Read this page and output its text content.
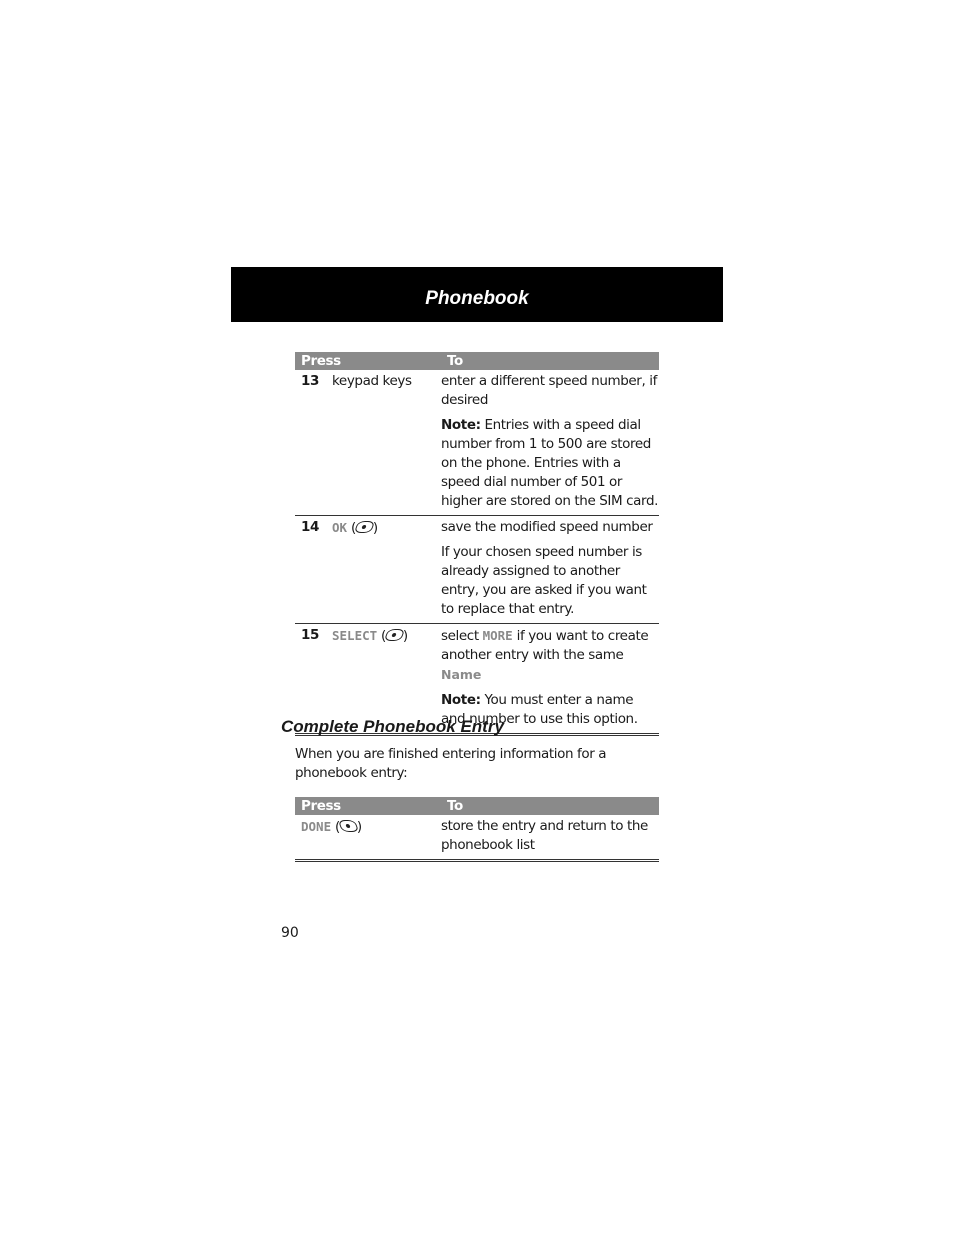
Phonebook
Press		To
13	keypad keys	enter a different speed number, if desired

Note: Entries with a speed dial number from 1 to 500 are stored on the phone. Entries with a speed dial number of 501 or higher are stored on the SIM card.

14	OK ( )	save the modified speed number

If your chosen speed number is already assigned to another entry, you are asked if you want to replace that entry.

15	SELECT ( )	select MORE if you want to create another entry with the same Name

Note: You must enter a name and number to use this option.

Complete Phonebook Entry
When you are finished entering information for a phonebook entry:
Press	To
DONE ( )	store the entry and return to the phonebook list

90
